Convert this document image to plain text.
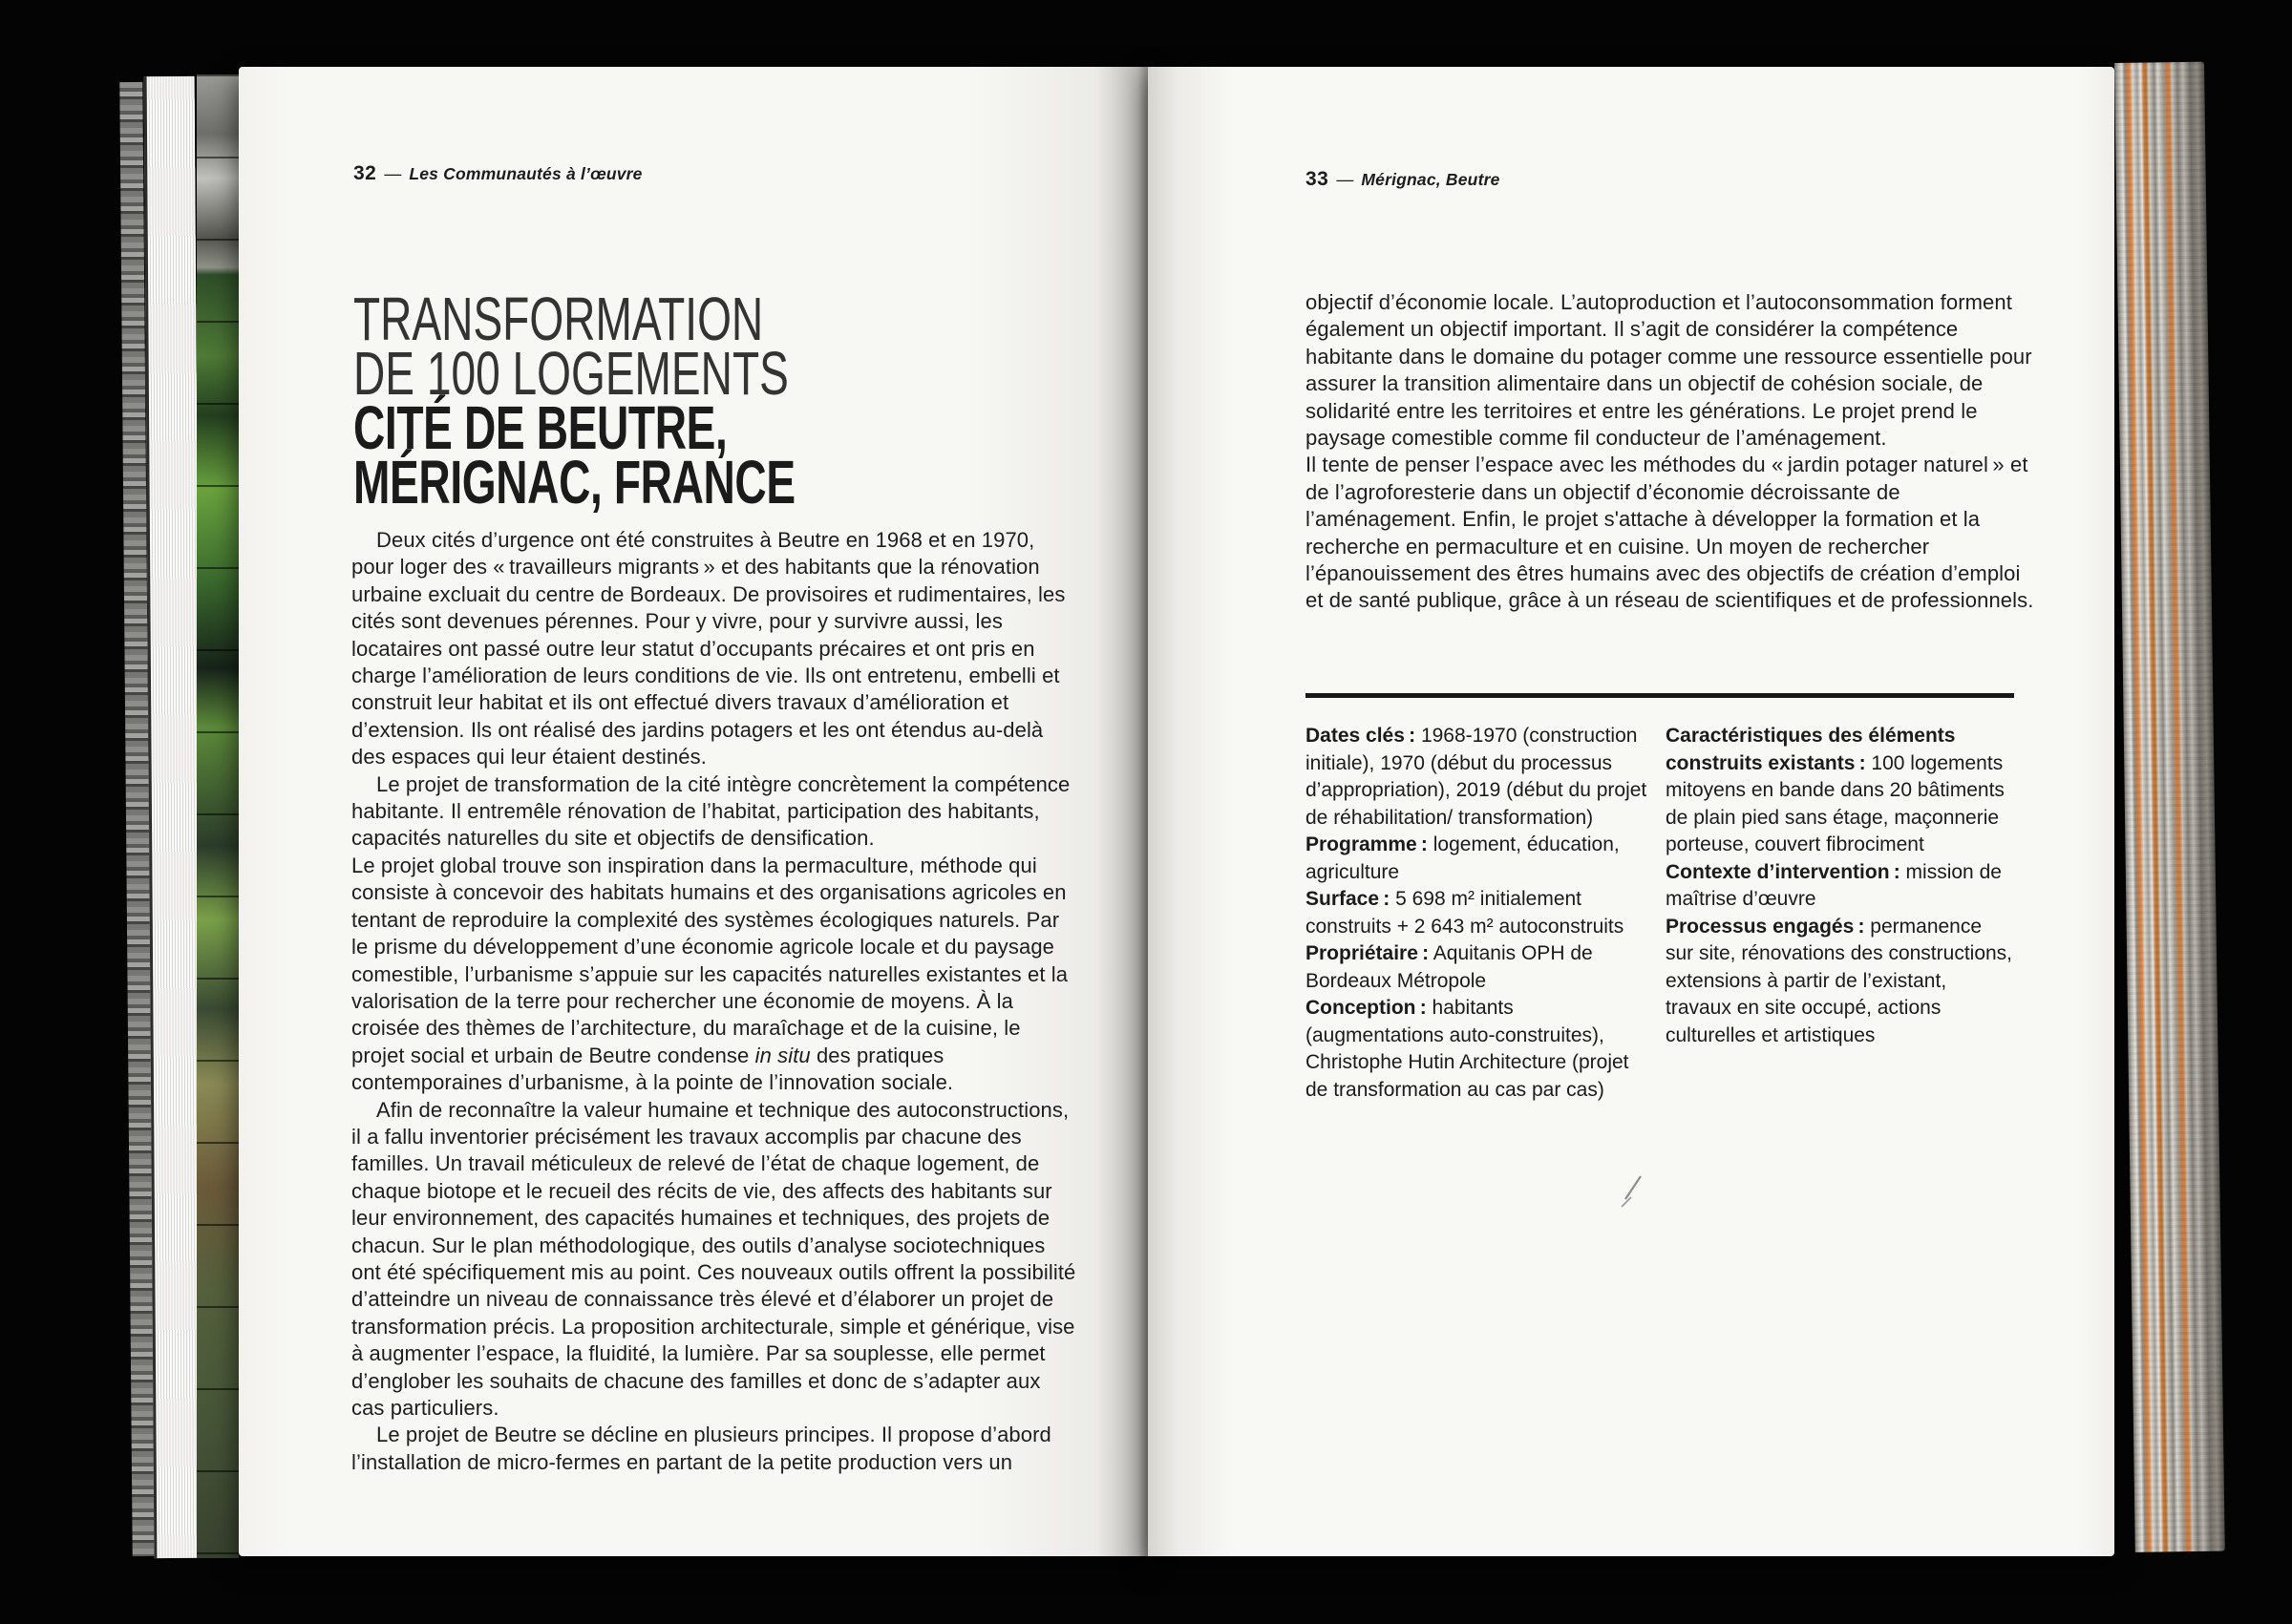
32 — Les Communautés à l’œuvre
TRANSFORMATION
DE 100 LOGEMENTS
CITÉ DE BEUTRE,
MÉRIGNAC, FRANCE

Deux cités d’urgence ont été construites à Beutre en 1968 et en 1970, pour loger des « travailleurs migrants » et des habitants que la rénovation urbaine excluait du centre de Bordeaux. De provisoires et rudimentaires, les cités sont devenues pérennes. Pour y vivre, pour y survivre aussi, les locataires ont passé outre leur statut d’occupants précaires et ont pris en charge l’amélioration de leurs conditions de vie. Ils ont entretenu, embelli et construit leur habitat et ils ont effectué divers travaux d’amélioration et d’extension. Ils ont réalisé des jardins potagers et les ont étendus au-delà des espaces qui leur étaient destinés.

Le projet de transformation de la cité intègre concrètement la compétence habitante. Il entremêle rénovation de l’habitat, participation des habitants, capacités naturelles du site et objectifs de densification.

Le projet global trouve son inspiration dans la permaculture, méthode qui consiste à concevoir des habitats humains et des organisations agricoles en tentant de reproduire la complexité des systèmes écologiques naturels. Par le prisme du développement d’une économie agricole locale et du paysage comestible, l’urbanisme s’appuie sur les capacités naturelles existantes et la valorisation de la terre pour rechercher une économie de moyens. À la croisée des thèmes de l’architecture, du maraîchage et de la cuisine, le projet social et urbain de Beutre condense in situ des pratiques contemporaines d’urbanisme, à la pointe de l’innovation sociale.

Afin de reconnaître la valeur humaine et technique des autoconstructions, il a fallu inventorier précisément les travaux accomplis par chacune des familles. Un travail méticuleux de relevé de l’état de chaque logement, de chaque biotope et le recueil des récits de vie, des affects des habitants sur leur environnement, des capacités humaines et techniques, des projets de chacun. Sur le plan méthodologique, des outils d’analyse sociotechniques ont été spécifiquement mis au point. Ces nouveaux outils offrent la possibilité d’atteindre un niveau de connaissance très élevé et d’élaborer un projet de transformation précis. La proposition architecturale, simple et générique, vise à augmenter l’espace, la fluidité, la lumière. Par sa souplesse, elle permet d’englober les souhaits de chacune des familles et donc de s’adapter aux cas particuliers.

Le projet de Beutre se décline en plusieurs principes. Il propose d’abord l’installation de micro-fermes en partant de la petite production vers un

33 — Mérignac, Beutre

objectif d’économie locale. L’autoproduction et l’autoconsommation forment également un objectif important. Il s’agit de considérer la compétence habitante dans le domaine du potager comme une ressource essentielle pour assurer la transition alimentaire dans un objectif de cohésion sociale, de solidarité entre les territoires et entre les générations. Le projet prend le paysage comestible comme fil conducteur de l’aménagement.

Il tente de penser l’espace avec les méthodes du « jardin potager naturel » et de l’agroforesterie dans un objectif d’économie décroissante de l’aménagement. Enfin, le projet s'attache à développer la formation et la recherche en permaculture et en cuisine. Un moyen de rechercher l’épanouissement des êtres humains avec des objectifs de création d’emploi et de santé publique, grâce à un réseau de scientifiques et de professionnels.

Dates clés : 1968-1970 (construction initiale), 1970 (début du processus d’appropriation), 2019 (début du projet de réhabilitation/ transformation)

Programme : logement, éducation, agriculture

Surface : 5 698 m² initialement construits + 2 643 m² autoconstruits

Propriétaire : Aquitanis OPH de Bordeaux Métropole

Conception : habitants (augmentations auto-construites), Christophe Hutin Architecture (projet de transformation au cas par cas)

Caractéristiques des éléments construits existants : 100 logements mitoyens en bande dans 20 bâtiments de plain pied sans étage, maçonnerie porteuse, couvert fibrociment

Contexte d’intervention : mission de maîtrise d’œuvre

Processus engagés : permanence sur site, rénovations des constructions, extensions à partir de l’existant, travaux en site occupé, actions culturelles et artistiques
